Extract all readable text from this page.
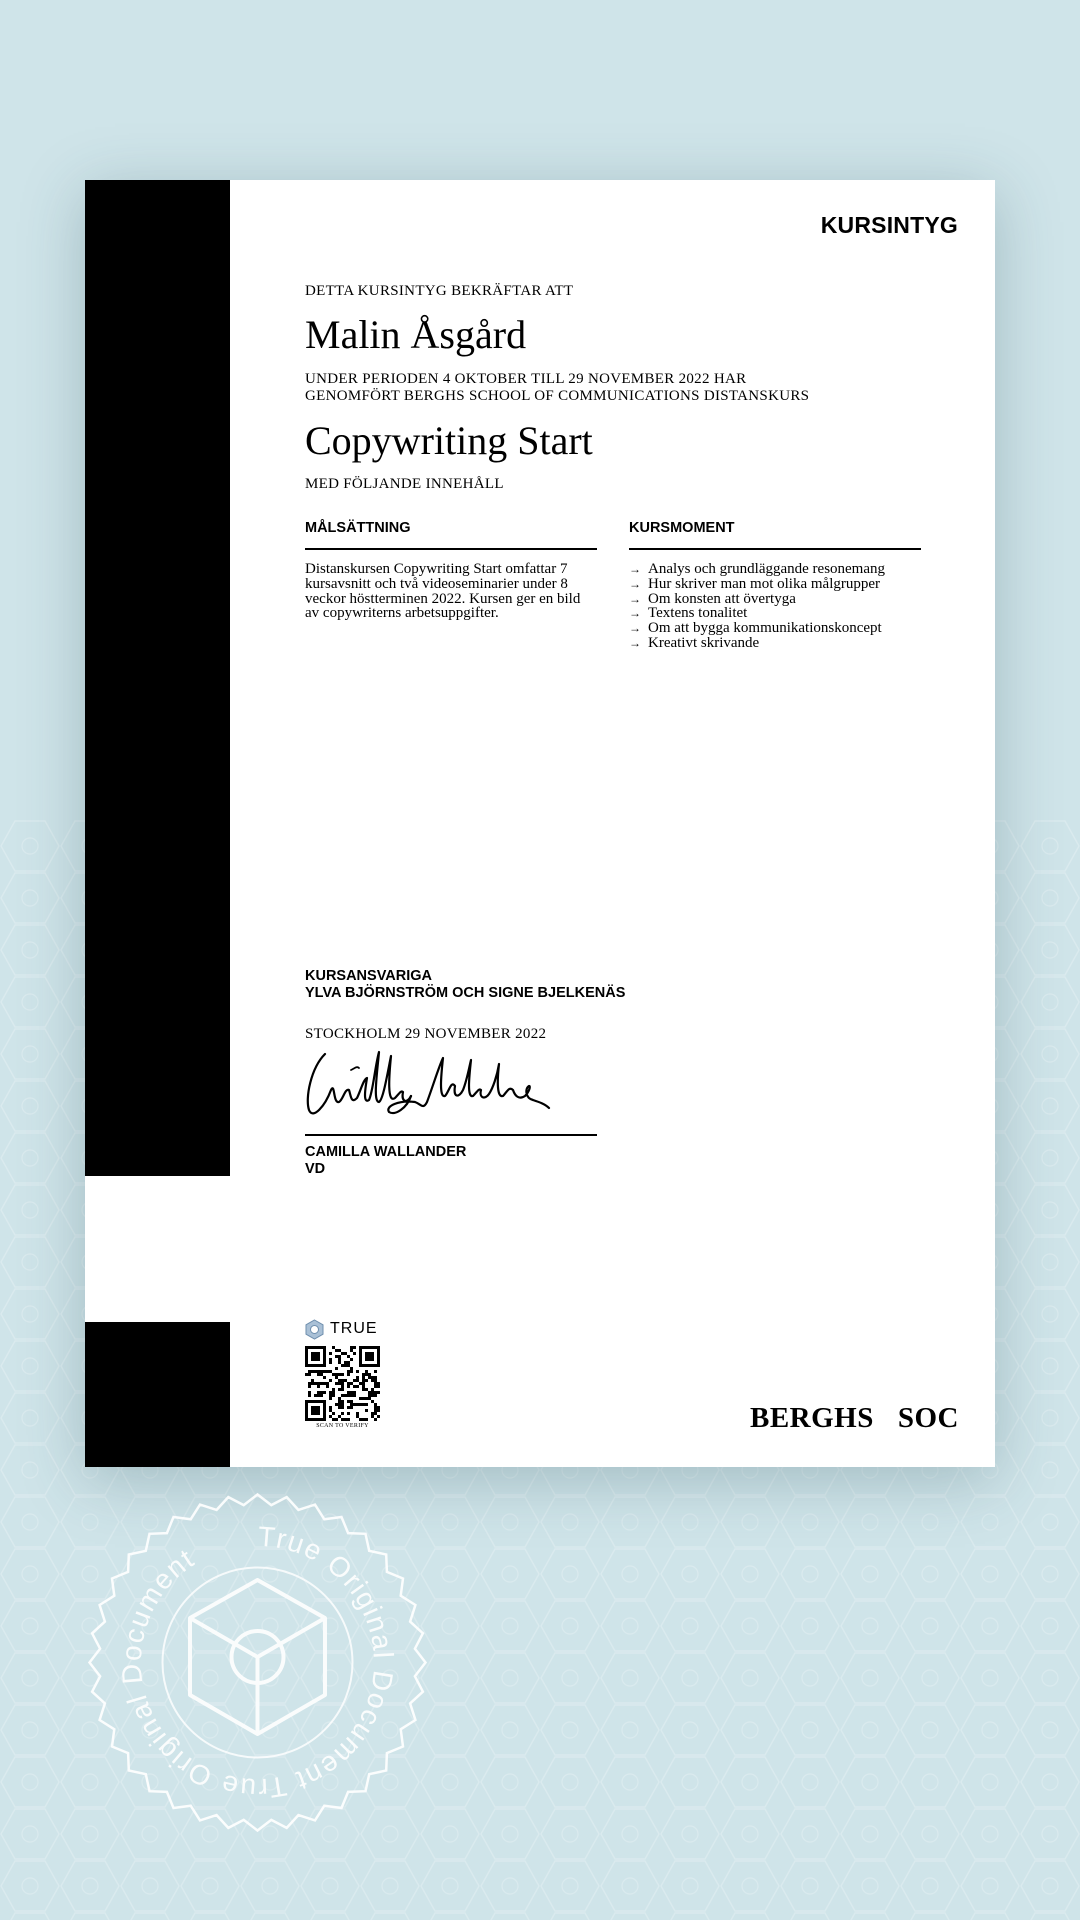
KURSINTYG
DETTA KURSINTYG BEKRÄFTAR ATT
Malin Åsgård
UNDER PERIODEN 4 OKTOBER TILL 29 NOVEMBER 2022 HAR
GENOMFÖRT BERGHS SCHOOL OF COMMUNICATIONS DISTANSKURS
Copywriting Start
MED FÖLJANDE INNEHÅLL
MÅLSÄTTNING
Distanskursen Copywriting Start omfattar 7 kursavsnitt och två videoseminarier under 8 veckor höstterminen 2022. Kursen ger en bild av copywriterns arbetsuppgifter.
KURSMOMENT
→ Analys och grundläggande resonemang
→ Hur skriver man mot olika målgrupper
→ Om konsten att övertyga
→ Textens tonalitet
→ Om att bygga kommunikationskoncept
→ Kreativt skrivande
KURSANSVARIGA
YLVA BJÖRNSTRÖM OCH SIGNE BJELKENÄS
STOCKHOLM 29 NOVEMBER 2022
CAMILLA WALLANDER
VD
TRUE
SCAN TO VERIFY	BERGHS SOC
True Original Document True Original Document
